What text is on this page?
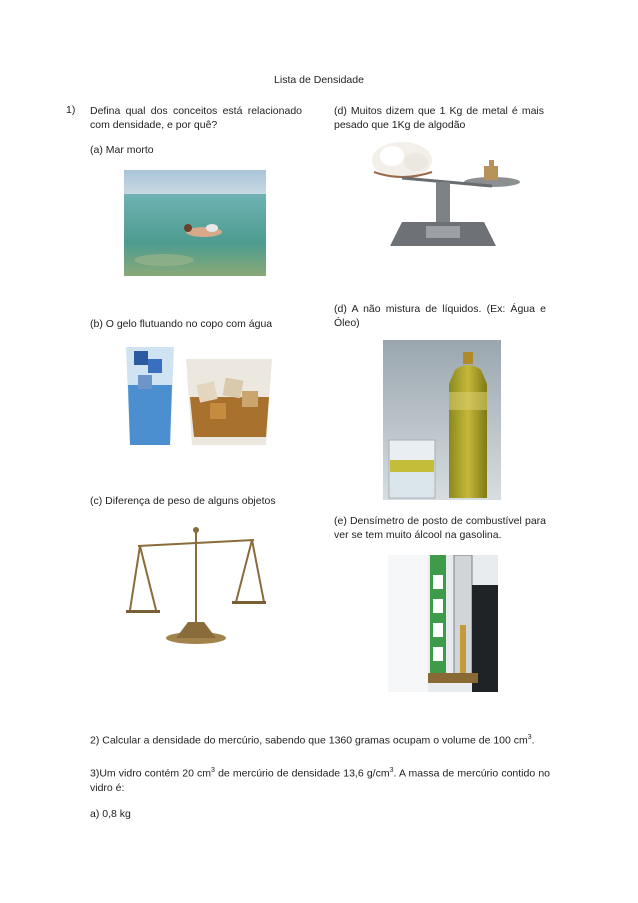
Lista de Densidade
1) Defina qual dos conceitos está relacionado com densidade, e por quê?
(a) Mar morto
(b) O gelo flutuando no copo com água
(c) Diferença de peso de alguns objetos
(d) Muitos dizem que 1 Kg de metal é mais pesado que 1Kg de algodão
(d) A não mistura de líquidos. (Ex: Água e Óleo)
(e) Densímetro de posto de combustível para ver se tem muito álcool na gasolina.
2) Calcular a densidade do mercúrio, sabendo que 1360 gramas ocupam o volume de 100 $cm^3$.
3)Um vidro contém 20 $cm^3$ de mercúrio de densidade 13,6 $g/cm^3$. A massa de mercúrio contido no vidro é:
a) 0,8 kg
